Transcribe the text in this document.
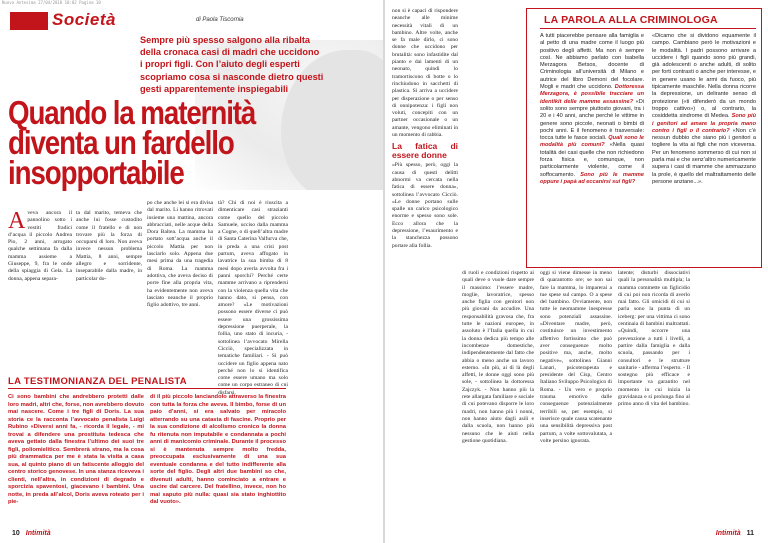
Nuova Antesima 27/04/2010 10:02 Pagina 10
Società	di Paola Tiscornia
Sempre più spesso salgono alla ribalta
della cronaca casi di madri che uccidono
i propri figli. Con l’aiuto degli esperti
scopriamo cosa si nasconde dietro questi
gesti apparentemente inspiegabili
Quando la maternità
diventa un fardello
insopportabile
Aveva ancora il pannolino sotto i vestiti fradici d’acqua il piccolo Andrea Pio, 2 anni, arrogato qualche settimana fa dalla mamma assieme a Giuseppe, 9, fra le onde della spiaggia di Gela. La donna, appena separa-
ta dal marito, temeva che anche lui fosse custodito come il fratello e di non trovare più la forza di occuparsi di loro. Non aveva invece nessun problema Mattia, 8 anni, sempre allegro e sorridente, inseparabile dalla madre, in particolar do-
po che anche lei si era divisa dal marito. Li hanno ritrovati insieme una mattina, ancora abbracciati, nelle acque della Dora Baltea. La mamma ha portato sott’acqua anche il piccolo Mattia per non lasciarlo solo. Appena due mesi prima da una tragedia di Roma. La mamma adottiva, che aveva deciso di porre fine alla propria vita, ha evidentemente non aveva lasciato neanche il proprio figlio adottivo, tre anni.
tà? Chi di noi è riuscita a dimenticare casi strazianti come quello del piccolo Samuele, ucciso dalla mamma a Cogne, o di quell’altra madre di Santa Caterina Valfurva che, in preda a una crisi post partum, aveva affogato in lavatrice la sua bimba di 8 mesi dopo averla avvolta fra i panni sporchi? Perché certe mamme arrivano a riprendersi con la violenza quella vita che hanno dato, si pensa, con amore? «Le motivazioni possono essere diverse ci può essere una grossissima depressione puerperale, la follia, uno stato di incuria, - sottolinea l’avvocato Mirella Cicciò, specializzata in tematiche familiari. - Si può uccidere un figlio appena nato perché non lo si identifica come essere umano ma solo come un corpo estraneo di cui disfarsi.
LA TESTIMONIANZA DEL PENALISTA
Ci sono bambini che andrebbero protetti dalle loro madri, altri che, forse, non avrebbero dovuto mai nascere. Come i tre figli di Doris. La sua storia ce la racconta l’avvocato penalista Luigi Rubino «Diversi anni fa, - ricorda il legale, - mi trovai a difendere una prostituta tedesca che aveva gettato dalla finestra l’ultimo dei suoi tre figli, poliomielitico. Sembrerà strano, ma la cosa più drammatica per me è stata la visita a casa sua, al quinto piano di un fatiscente alloggio del centro storico genovese. In una stanza riceveva i clienti, nell’altra, in condizioni di degrado e sporcizia spaventosi, giacevano i bambini. Una notte, in preda all’alcol, Doris aveva roteato per i pie-
di il più piccolo lanciandolo attraverso la finestra con tutta la forza che aveva. Il bimbo, forse di un paio d’anni, si era salvato per miracolo atterrando su una catasta di fascine. Proprio per la sua condizione di alcolismo cronico la donna fu ritenuta non imputabile e condannata a pochi anni di manicomio criminale. Durante il processo si è mantenuta sempre molto fredda, preoccupata esclusivamente di una sua eventuale condanna e del tutto indifferente alla sorte del figlio. Degli altri due bambini so che, divenuti adulti, hanno cominciato a entrare e uscire dal carcere. Del fratellino, invece, non ho mai saputo più nulla: quasi sia stato inghiottito dal vuoto».
10 Intimità
non si è capaci di rispondere neanche alle minime necessità vitali di un bambino. Altre volte, anche se fa male dirlo, ci sono donne che uccidono per brutalità: sono infastidite dal pianto e dai lamenti di un neonato, quindi lo tramortiscono di botte o lo rinchiudono in sacchetti di plastica. Si arriva a uccidere per disperazione o per senso di onnipotenza: i figli non voluti, concepiti con un partner occasionale o un amante, vengono eliminati in un momento di rabbia.
La fatica di essere donne
«Più spesso, però, oggi la causa di questi delitti abnormi va cercata nella fatica di essere donna», sottolinea l’avvocato Cicciò. «Le donne portano sulle spalle un carico psicologico enorme e spesso sono sole. Ecco allora che la depressione, l’esaurimento e la stanchezza possono portare alla follia.
LA PAROLA ALLA CRIMINOLOGA
A tutti piacerebbe pensare alla famiglia e al petto di una madre come il luogo più positivo degli affetti. Ma non è sempre così. Ne abbiamo parlato con Isabella Merzagora Betsos, docente di Criminologia all’università di Milano e autrice del libro Demoni del focolare. Mogli e madri che uccidono. Dottoressa Merzagora, è possibile tracciare un identikit delle mamme assassine? «Di solito sono sempre piuttosto giovani, tra i 20 e i 40 anni, anche perché le vittime in genere sono piccole, neonati o bimbi di pochi anni. E il fenomeno è trasversale: tocca tutte le fasce sociali. Quali sono le modalità più comuni? «Nella quasi totalità dei casi quelle che non richiedono forza fisica e, comunque, non particolarmente violente, come il soffocamento. Sono più le mamme oppure i papà ad eccanirsi sui figli?
«Dicamo che si dividono equamente il campo. Cambiano però le motivazioni e le modalità. I padri possono arrivare a uccidere i figli quando sono più grandi, già adolescenti o anche adulti, di solito per forti contrasti o anche per interesse, e in genere usano le armi da fuoco, più tipicamente maschile. Nella donna ricorre la depressione, un delirante senso di protezione («ti difenderò da un mondo troppo cattivo») o, al contrario, la cosiddetta sindrome di Medea. Sono più i genitori ad amare la propria mano contro i figli o il contrario? «Non c’è nessun dubbio che siano più i genitori a togliere la vita ai figli che non viceversa. Per un fenomeno sommerso di cui non si parla mai e che senz’altro numericamente supera i casi di mamme che ammazzano la prole, è quello del maltrattamento delle persone anziane...».
di ruoli e condizioni rispetto ai quali deve o vuole dare sempre il massimo: l’essere madre, moglie, lavoratrice, spesso anche figlia con genitori non più giovani da accudire. Una responsabilità gravosa che, fra tutte le nazioni europee, in assoluto è l’Italia quella in cui la donna dedica più tempo alle incombenze domestiche, indipendentemente dal fatto che abbia o meno anche un lavoro esterno. «In più, ai di là degli affetti, le donne oggi sono più sole, - sottolinea la dottoressa Zajczyk. - Non hanno più la rete allargata familiare e sociale di cui potevano disporre le loro madri, non hanno più i nonni, non hanno aiuto dagli asili e dalla scuola, non hanno più nessuno che le aiuti nella gestione quotidiana.
oggi si viene dimesse in meno di quarantotto ore; se non sai fare la mamma, lo imparerai a tue spese sul campo. O a spese del bambino. Ovviamente, non tutte le neomamme inespresse sono potenziali assassine. «Diventare madre, però, costituisce un investimento affettivo fortissimo che può aver conseguenze molto positive ma, anche, molto negative», sottolinea Gianni Lanari, psicoterapeuta e presidente del Cisp, Centro Italiano Sviluppo Psicologico di Roma. - Un vero e proprio trauma emotivo dalle conseguenze potenzialmente terribili se, per esempio, si inserisce quale causa scatenante una sensibilità depressiva post partum, a volte sottovalutata, a volte persino ignorata.
latente; disturbi dissociativi quali la personalità multipla; la mamma commette un figlicidio di cui poi non ricorda di averlo mai fatto. Gli omicidi di cui si parla sono la punta di un iceberg: per una vittima ci sono centinaia di bambini maltrattati. «Quindi, occorre una prevenzione a tutti i livelli, a partire dalla famiglia e dalla scuola, passando per i consultori e le strutture sanitarie - afferma l’esperto. - Il sostegno più efficace e importante va garantito nel momento in cui inizia la gravidanza e si prolunga fino al primo anno di vita del bambino.
Intimità 11
